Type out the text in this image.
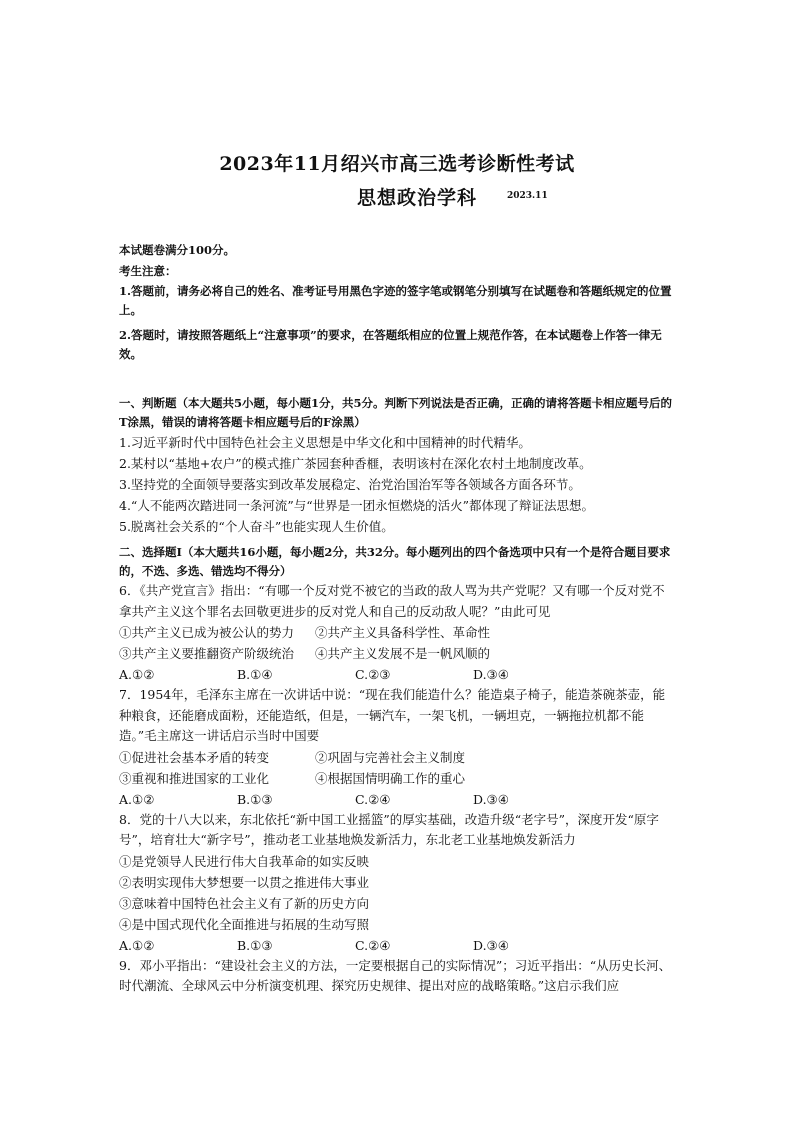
2023年11月绍兴市高三选考诊断性考试
思想政治学科	2023.11
本试题卷满分100分。
考生注意：
1.答题前，请务必将自己的姓名、准考证号用黑色字迹的签字笔或钢笔分别填写在试题卷和答题纸规定的位置上。
2.答题时，请按照答题纸上“注意事项”的要求，在答题纸相应的位置上规范作答，在本试题卷上作答一律无效。
一、判断题（本大题共5小题，每小题1分，共5分。判断下列说法是否正确，正确的请将答题卡相应题号后的T涂黑，错误的请将答题卡相应题号后的F涂黑）
1.习近平新时代中国特色社会主义思想是中华文化和中国精神的时代精华。
2.某村以“基地+农户”的模式推广茶园套种香榧，表明该村在深化农村土地制度改革。
3.坚持党的全面领导要落实到改革发展稳定、治党治国治军等各领域各方面各环节。
4.“人不能两次踏进同一条河流”与“世界是一团永恒燃烧的活火”都体现了辩证法思想。
5.脱离社会关系的“个人奋斗”也能实现人生价值。
二、选择题Ⅰ（本大题共16小题，每小题2分，共32分。每小题列出的四个备选项中只有一个是符合题目要求的，不选、多选、错选均不得分）
6．《共产党宣言》指出：“有哪一个反对党不被它的当政的敌人骂为共产党呢？又有哪一个反对党不拿共产主义这个罪名去回敬更进步的反对党人和自己的反动敌人呢？”由此可见
①共产主义已成为被公认的势力	②共产主义具备科学性、革命性
③共产主义要推翻资产阶级统治	④共产主义发展不是一帆风顺的
A.①②	B.①④	C.②③	D.③④
7．1954年，毛泽东主席在一次讲话中说：“现在我们能造什么？能造桌子椅子，能造茶碗茶壶，能种粮食，还能磨成面粉，还能造纸，但是，一辆汽车，一架飞机，一辆坦克，一辆拖拉机都不能造。”毛主席这一讲话启示当时中国要
①促进社会基本矛盾的转变	②巩固与完善社会主义制度
③重视和推进国家的工业化	④根据国情明确工作的重心
A.①②	B.①③	C.②④	D.③④
8．党的十八大以来，东北依托“新中国工业摇篮”的厚实基础，改造升级“老字号”，深度开发“原字号”，培育壮大“新字号”，推动老工业基地焕发新活力，东北老工业基地焕发新活力
①是党领导人民进行伟大自我革命的如实反映
②表明实现伟大梦想要一以贯之推进伟大事业
③意味着中国特色社会主义有了新的历史方向
④是中国式现代化全面推进与拓展的生动写照
A.①②	B.①③	C.②④	D.③④
9．邓小平指出：“建设社会主义的方法，一定要根据自己的实际情况”；习近平指出：“从历史长河、时代潮流、全球风云中分析演变机理、探究历史规律、提出对应的战略策略。”这启示我们应
